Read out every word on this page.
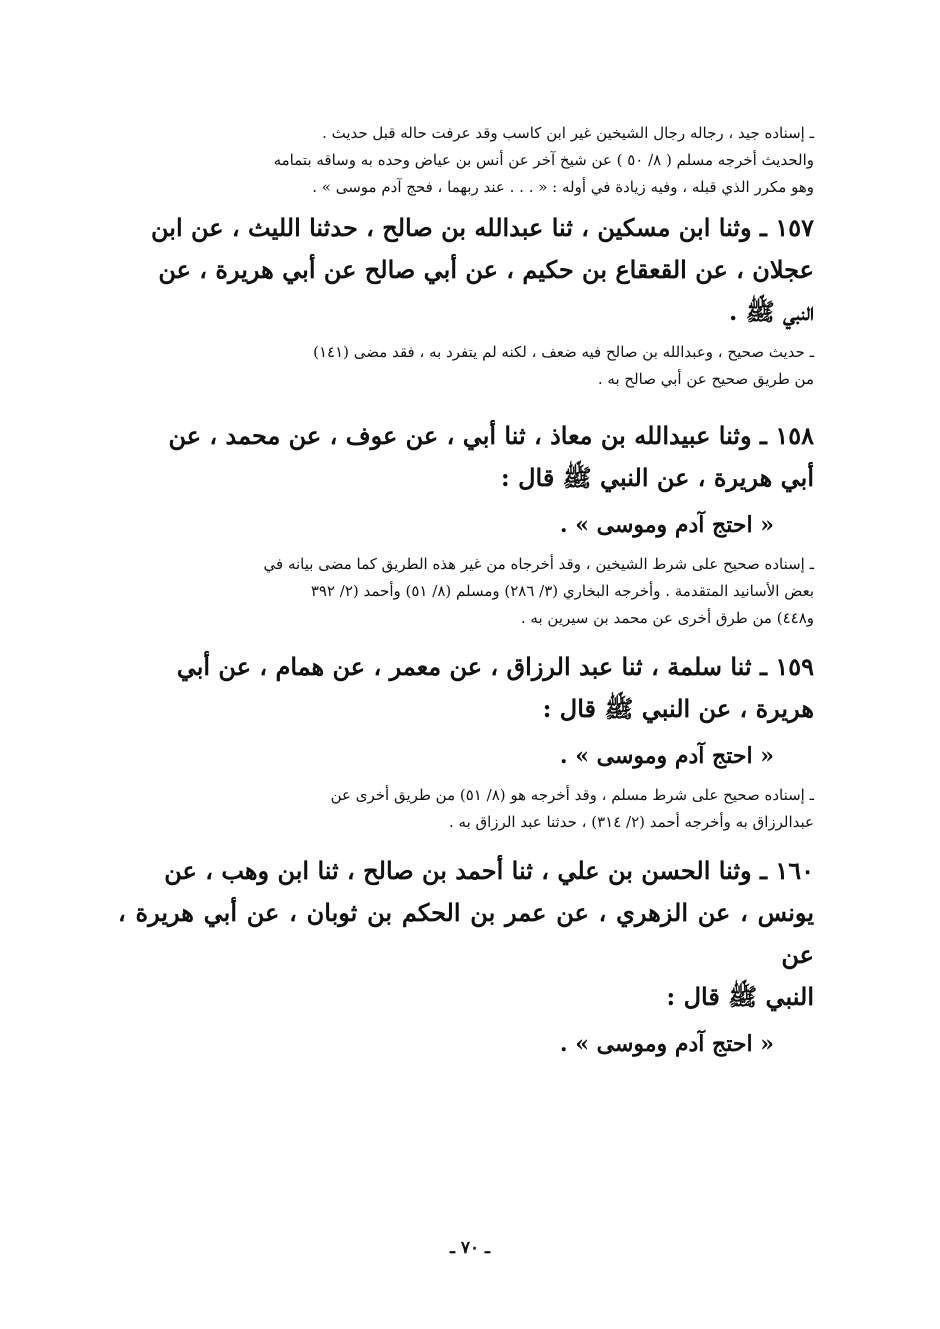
ـ إسناده جيد ، رجاله رجال الشيخين غير ابن كاسب وقد عرفت حاله قبل حديث .
والحديث أخرجه مسلم ( ٨/ ٥٠ ) عن شيخ آخر عن أنس بن عياض وحده به وساقه بتمامه
وهو مكرر الذي قبله ، وفيه زيادة في أوله : « . . . عند ربهما ، فحج آدم موسى » .

١٥٧ ـ وثنا ابن مسكين ، ثنا عبدالله بن صالح ، حدثنا الليث ، عن ابن
عجلان ، عن القعقاع بن حكيم ، عن أبي صالح عن أبي هريرة ، عن
النبي ﷺ .

ـ حديث صحيح ، وعبدالله بن صالح فيه ضعف ، لكنه لم يتفرد به ، فقد مضى (١٤١)
من طريق صحيح عن أبي صالح به .

١٥٨ ـ وثنا عبيدالله بن معاذ ، ثنا أبي ، عن عوف ، عن محمد ، عن
أبي هريرة ، عن النبي ﷺ قال :

« احتج آدم وموسى » .

ـ إسناده صحيح على شرط الشيخين ، وقد أخرجاه من غير هذه الطريق كما مضى بيانه في
بعض الأسانيد المتقدمة . وأخرجه البخاري (٣/ ٢٨٦) ومسلم (٨/ ٥١) وأحمد (٢/ ٣٩٢
و٤٤٨) من طرق أخرى عن محمد بن سيرين به .

١٥٩ ـ ثنا سلمة ، ثنا عبد الرزاق ، عن معمر ، عن همام ، عن أبي
هريرة ، عن النبي ﷺ قال :

« احتج آدم وموسى » .

ـ إسناده صحيح على شرط مسلم ، وقد أخرجه هو (٨/ ٥١) من طريق أخرى عن
عبدالرزاق به وأخرجه أحمد (٢/ ٣١٤) ، حدثنا عبد الرزاق به .

١٦٠ ـ وثنا الحسن بن علي ، ثنا أحمد بن صالح ، ثنا ابن وهب ، عن
يونس ، عن الزهري ، عن عمر بن الحكم بن ثوبان ، عن أبي هريرة ، عن
النبي ﷺ قال :

« احتج آدم وموسى » .

ـ ٧٠ ـ
